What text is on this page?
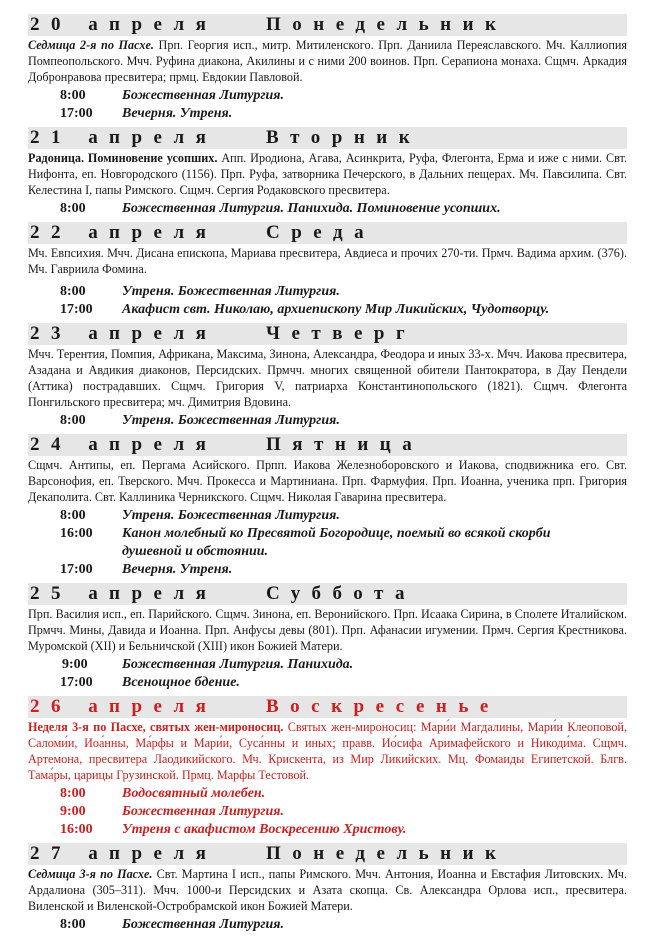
20 апреля	Понедельник

Седмица 2-я по Пасхе. Прп. Георгия исп., митр. Митиленского. Прп. Даниила Переяславского. Мч. Каллиопия Помпеопольского. Мчч. Руфина диакона, Акилины и с ними 200 воинов. Прп. Серапиона монаха. Сщмч. Аркадия Добронравова пресвитера; прмц. Евдокии Павловой.

8:00	Божественная Литургия.
17:00	Вечерня. Утреня.
21 апреля	Вторник

Радоница. Поминовение усопших. Апп. Иродиона, Агава, Асинкрита, Руфа, Флегонта, Ерма и иже с ними. Свт. Нифонта, еп. Новгородского (1156). Прп. Руфа, затворника Печерского, в Дальних пещерах. Мч. Павсилипа. Свт. Келестина I, папы Римского. Сщмч. Сергия Родаковского пресвитера.

8:00	Божественная Литургия. Панихида. Поминовение усопших.
22 апреля	Среда

Мч. Евпсихия. Мчч. Дисана епископа, Мариава пресвитера, Авдиеса и прочих 270-ти. Прмч. Вадима архим. (376). Мч. Гавриила Фомина.

8:00	Утреня. Божественная Литургия.
17:00	Акафист свт. Николаю, архиепископу Мир Ликийских, Чудотворцу.
23 апреля	Четверг

Мчч. Терентия, Помпия, Африкана, Максима, Зинона, Александра, Феодора и иных 33-х. Мчч. Иакова пресвитера, Азадана и Авдикия диаконов, Персидских. Прмчч. многих священной обители Пантократора, в Дау Пендели (Аттика) пострадавших. Сщмч. Григория V, патриарха Константинопольского (1821). Сщмч. Флегонта Понгильского пресвитера; мч. Димитрия Вдовина.

8:00	Утреня. Божественная Литургия.
24 апреля	Пятница

Сщмч. Антипы, еп. Пергама Асийского. Прпп. Иакова Железноборовского и Иакова, сподвижника его. Свт. Варсонофия, еп. Тверского. Мчч. Прокесса и Мартиниана. Прп. Фармуфия. Прп. Иоанна, ученика прп. Григория Декаполита. Свт. Каллиника Черникского. Сщмч. Николая Гаварина пресвитера.

8:00	Утреня. Божественная Литургия.
16:00	Канон молебный ко Пресвятой Богородице, поемый во всякой скорби душевной и обстоянии.
17:00	Вечерня. Утреня.
25 апреля	Суббота

Прп. Василия исп., еп. Парийского. Сщмч. Зинона, еп. Веронийского. Прп. Исаака Сирина, в Сполете Италийском. Прмчч. Мины, Давида и Иоанна. Прп. Анфусы девы (801). Прп. Афанасии игумении. Прмч. Сергия Крестникова. Муромской (XII) и Бельничской (XIII) икон Божией Матери.

9:00	Божественная Литургия. Панихида.
17:00	Всенощное бдение.
26 апреля	Воскресенье

Неделя 3-я по Пасхе, святых жен-мироносиц. Святых жен-мироносиц: Мари́и Магдалины, Мари́и Клеоповой, Саломи́и, Иоа́нны, Ма́рфы и Мари́и, Суса́нны и иных; правв. Ио́сифа Аримафейского и Никоди́ма. Сщмч. Артемона, пресвитера Лаодикийского. Мч. Крискента, из Мир Ликийских. Мц. Фомаиды Египетской. Блгв. Тама́ры, царицы Грузинской. Прмц. Марфы Тестовой.

8:00	Водосвятный молебен.
9:00	Божественная Литургия.
16:00	Утреня с акафистом Воскресению Христову.
27 апреля	Понедельник

Седмица 3-я по Пасхе. Свт. Мартина I исп., папы Римского. Мчч. Антония, Иоанна и Евстафия Литовских. Мч. Ардалиона (305–311). Мчч. 1000-и Персидских и Азата скопца. Св. Александра Орлова исп., пресвитера. Виленской и Виленской-Остробрамской икон Божией Матери.

8:00	Божественная Литургия.
